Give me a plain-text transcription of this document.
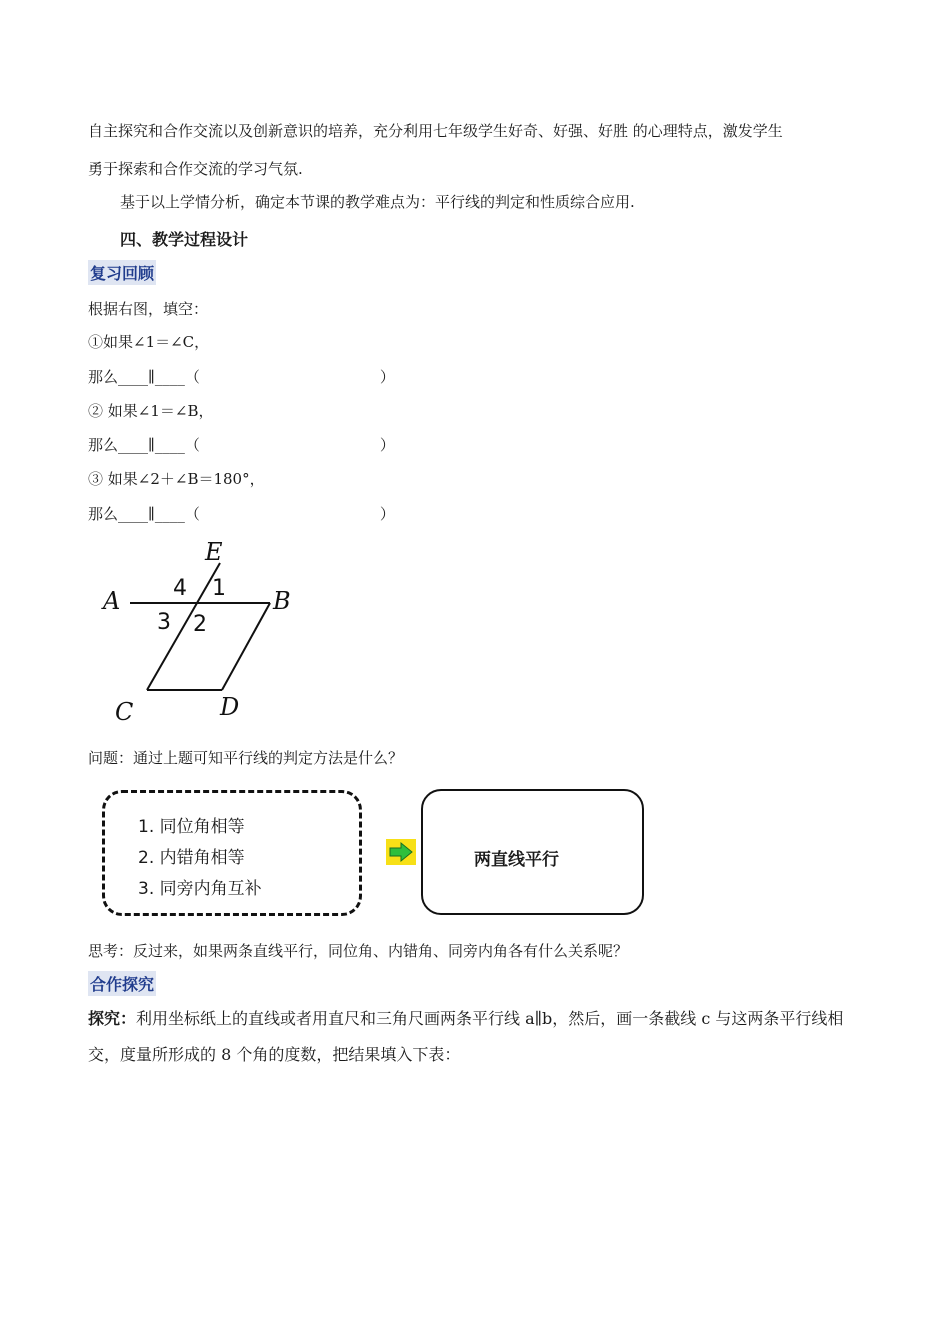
自主探究和合作交流以及创新意识的培养，充分利用七年级学生好奇、好强、好胜 的心理特点，激发学生
勇于探索和合作交流的学习气氛.
基于以上学情分析，确定本节课的教学难点为：平行线的判定和性质综合应用.
四、教学过程设计
复习回顾
根据右图，填空：
①如果∠1＝∠C，
那么____∥____（　　　　　　　　　　　　）
② 如果∠1＝∠B，
那么____∥____（　　　　　　　　　　　　）
③ 如果∠2＋∠B＝180°，
那么____∥____（　　　　　　　　　　　　）
E
A	B
C	D
4 1
3 2
问题：通过上题可知平行线的判定方法是什么？
1. 同位角相等
2. 内错角相等
3. 同旁内角互补
两直线平行
思考：反过来，如果两条直线平行，同位角、内错角、同旁内角各有什么关系呢？
合作探究
探究：利用坐标纸上的直线或者用直尺和三角尺画两条平行线 a∥b，然后，画一条截线 c 与这两条平行线相交，度量所形成的 8 个角的度数，把结果填入下表：
